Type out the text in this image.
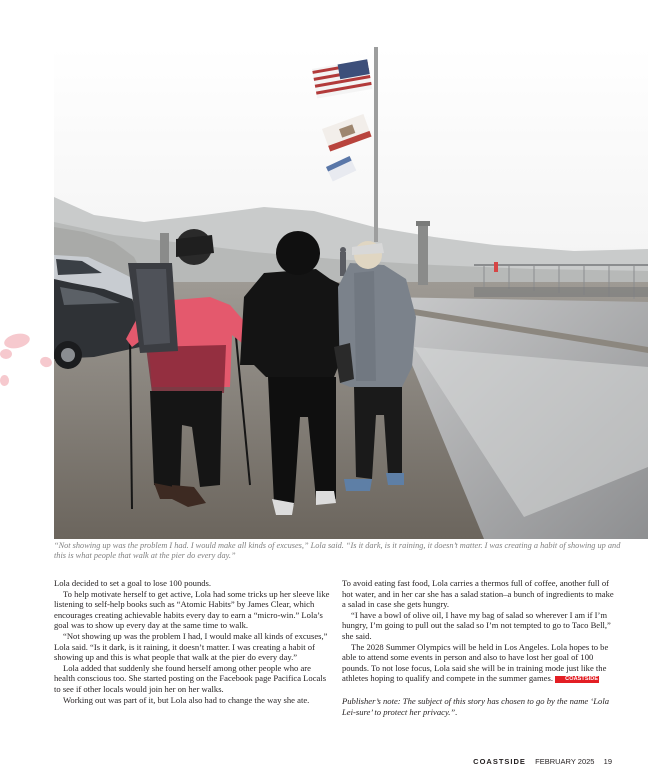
“Not showing up was the problem I had. I would make all kinds of excuses,” Lola said. “Is it dark, is it raining, it doesn’t matter. I was creating a habit of showing up and this is what people that walk at the pier do every day.”

Lola decided to set a goal to lose 100 pounds.

To help motivate herself to get active, Lola had some tricks up her sleeve like listening to self-help books such as “Atomic Habits” by James Clear, which encourages creating achievable habits every day to earn a “micro-win.” Lola’s goal was to show up every day at the same time to walk.

“Not showing up was the problem I had, I would make all kinds of excuses,” Lola said. “Is it dark, is it raining, it doesn’t matter. I was creating a habit of showing up and this is what people that walk at the pier do every day.”

Lola added that suddenly she found herself among other people who are health conscious too. She started posting on the Facebook page Pacifica Locals to see if other locals would join her on her walks.

Working out was part of it, but Lola also had to change the way she ate.

To avoid eating fast food, Lola carries a thermos full of coffee, another full of hot water, and in her car she has a salad station–a bunch of ingredients to make a salad in case she gets hungry.

“I have a bowl of olive oil, I have my bag of salad so wherever I am if I’m hungry, I’m going to pull out the salad so I’m not tempted to go to Taco Bell,” she said.

The 2028 Summer Olympics will be held in Los Angeles. Lola hopes to be able to attend some events in person and also to have lost her goal of 100 pounds. To not lose focus, Lola said she will be in training mode just like the athletes hoping to qualify and compete in the summer games. COASTSIDE

Publisher’s note: The subject of this story has chosen to go by the name ‘Lola Lei-sure’ to protect her privacy.”.

COASTSIDE FEBRUARY 2025 19
